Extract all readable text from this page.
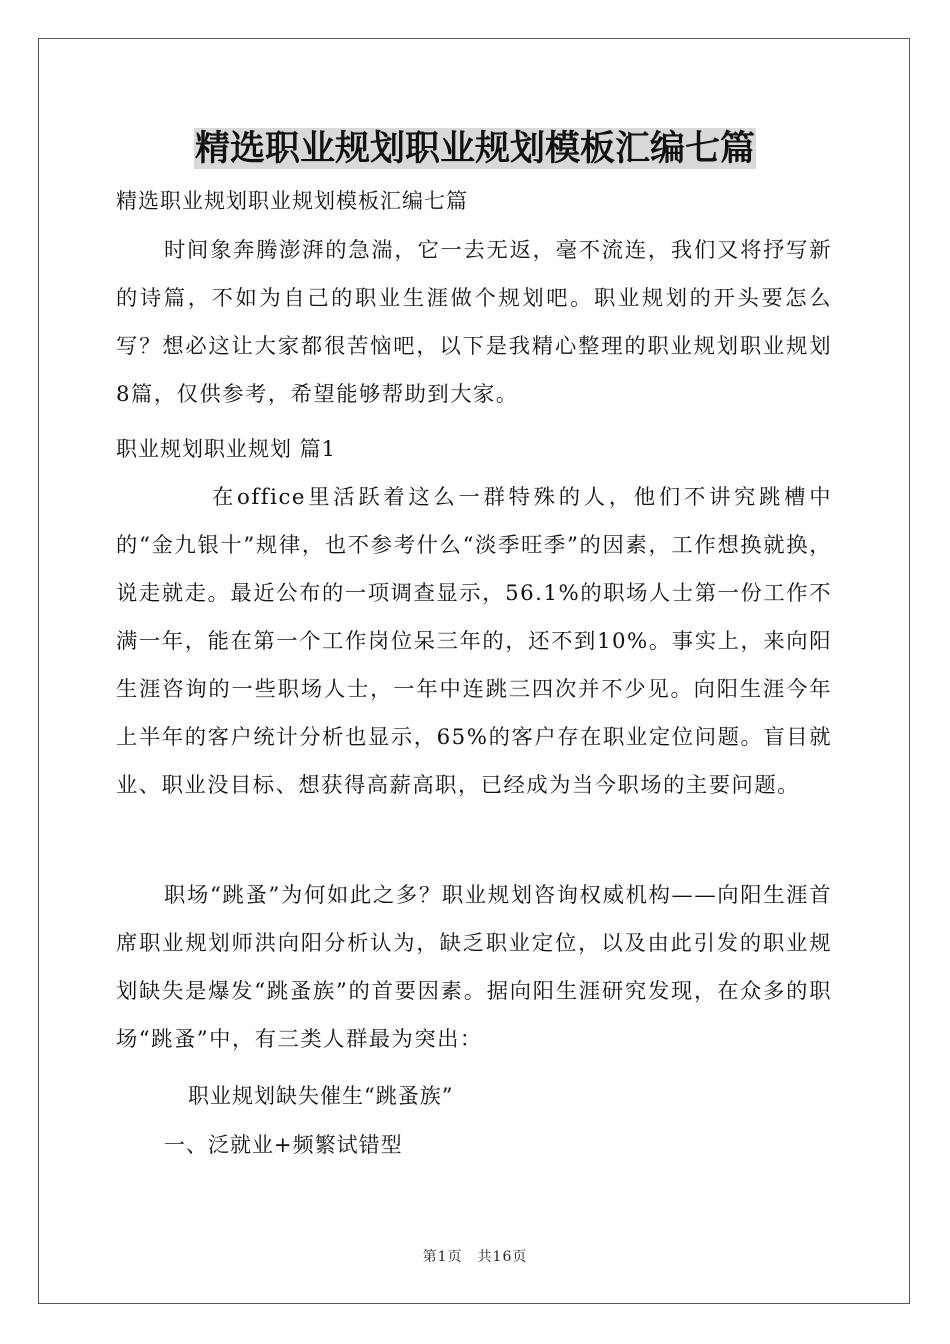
精选职业规划职业规划模板汇编七篇
精选职业规划职业规划模板汇编七篇

时间象奔腾澎湃的急湍，它一去无返，毫不流连，我们又将抒写新的诗篇，不如为自己的职业生涯做个规划吧。职业规划的开头要怎么写？想必这让大家都很苦恼吧，以下是我精心整理的职业规划职业规划8篇，仅供参考，希望能够帮助到大家。

职业规划职业规划 篇1

在office里活跃着这么一群特殊的人，他们不讲究跳槽中的“金九银十”规律，也不参考什么“淡季旺季”的因素，工作想换就换，说走就走。最近公布的一项调查显示，56.1%的职场人士第一份工作不满一年，能在第一个工作岗位呆三年的，还不到10%。事实上，来向阳生涯咨询的一些职场人士，一年中连跳三四次并不少见。向阳生涯今年上半年的客户统计分析也显示，65%的客户存在职业定位问题。盲目就业、职业没目标、想获得高薪高职，已经成为当今职场的主要问题。

职场“跳蚤”为何如此之多？职业规划咨询权威机构——向阳生涯首席职业规划师洪向阳分析认为，缺乏职业定位，以及由此引发的职业规划缺失是爆发“跳蚤族”的首要因素。据向阳生涯研究发现，在众多的职场“跳蚤”中，有三类人群最为突出：

职业规划缺失催生“跳蚤族”
一、泛就业+频繁试错型
第1页　共16页
